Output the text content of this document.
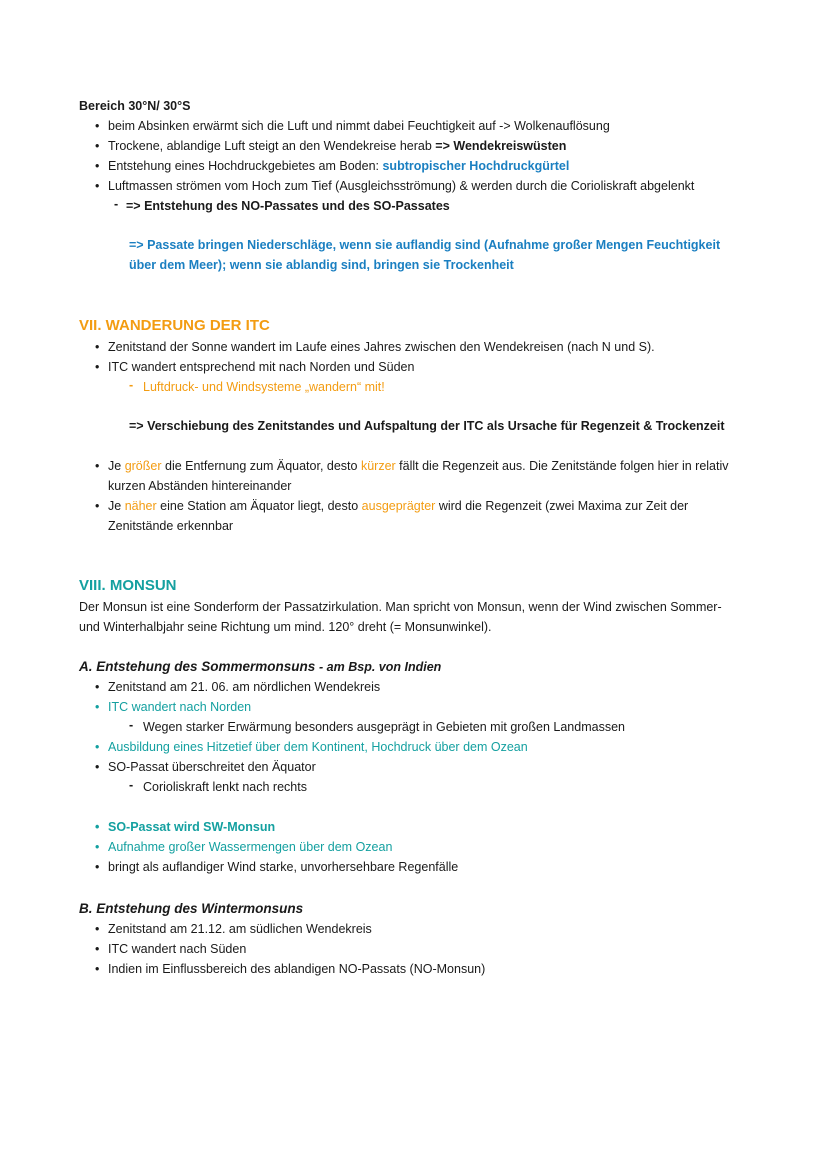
Bereich 30°N/ 30°S
• beim Absinken erwärmt sich die Luft und nimmt dabei Feuchtigkeit auf -> Wolkenauflösung
• Trockene, ablandige Luft steigt an den Wendekreise herab => Wendekreiswüsten
• Entstehung eines Hochdruckgebietes am Boden: subtropischer Hochdruckgürtel
• Luftmassen strömen vom Hoch zum Tief (Ausgleichsströmung) & werden durch die Corioliskraft abgelenkt
- => Entstehung des NO-Passates und des SO-Passates
=> Passate bringen Niederschläge, wenn sie auflandig sind (Aufnahme großer Mengen Feuchtigkeit
über dem Meer); wenn sie ablandig sind, bringen sie Trockenheit
VII. WANDERUNG DER ITC
• Zenitstand der Sonne wandert im Laufe eines Jahres zwischen den Wendekreisen (nach N und S).
• ITC wandert entsprechend mit nach Norden und Süden
- Luftdruck- und Windsysteme „wandern“ mit!
=> Verschiebung des Zenitstandes und Aufspaltung der ITC als Ursache für Regenzeit & Trockenzeit
• Je größer die Entfernung zum Äquator, desto kürzer fällt die Regenzeit aus. Die Zenitstände folgen hier in relativ
kurzen Abständen hintereinander
• Je näher eine Station am Äquator liegt, desto ausgeprägter wird die Regenzeit (zwei Maxima zur Zeit der
Zenitstände erkennbar
VIII. MONSUN
Der Monsun ist eine Sonderform der Passatzirkulation. Man spricht von Monsun, wenn der Wind zwischen Sommer-
und Winterhalbjahr seine Richtung um mind. 120° dreht (= Monsunwinkel).
A. Entstehung des Sommermonsuns - am Bsp. von Indien
• Zenitstand am 21. 06. am nördlichen Wendekreis
• ITC wandert nach Norden
- Wegen starker Erwärmung besonders ausgeprägt in Gebieten mit großen Landmassen
• Ausbildung eines Hitzetief über dem Kontinent, Hochdruck über dem Ozean
• SO-Passat überschreitet den Äquator
- Corioliskraft lenkt nach rechts
• SO-Passat wird SW-Monsun
• Aufnahme großer Wassermengen über dem Ozean
• bringt als auflandiger Wind starke, unvorhersehbare Regenfälle
B. Entstehung des Wintermonsuns
• Zenitstand am 21.12. am südlichen Wendekreis
• ITC wandert nach Süden
• Indien im Einflussbereich des ablandigen NO-Passats (NO-Monsun)
